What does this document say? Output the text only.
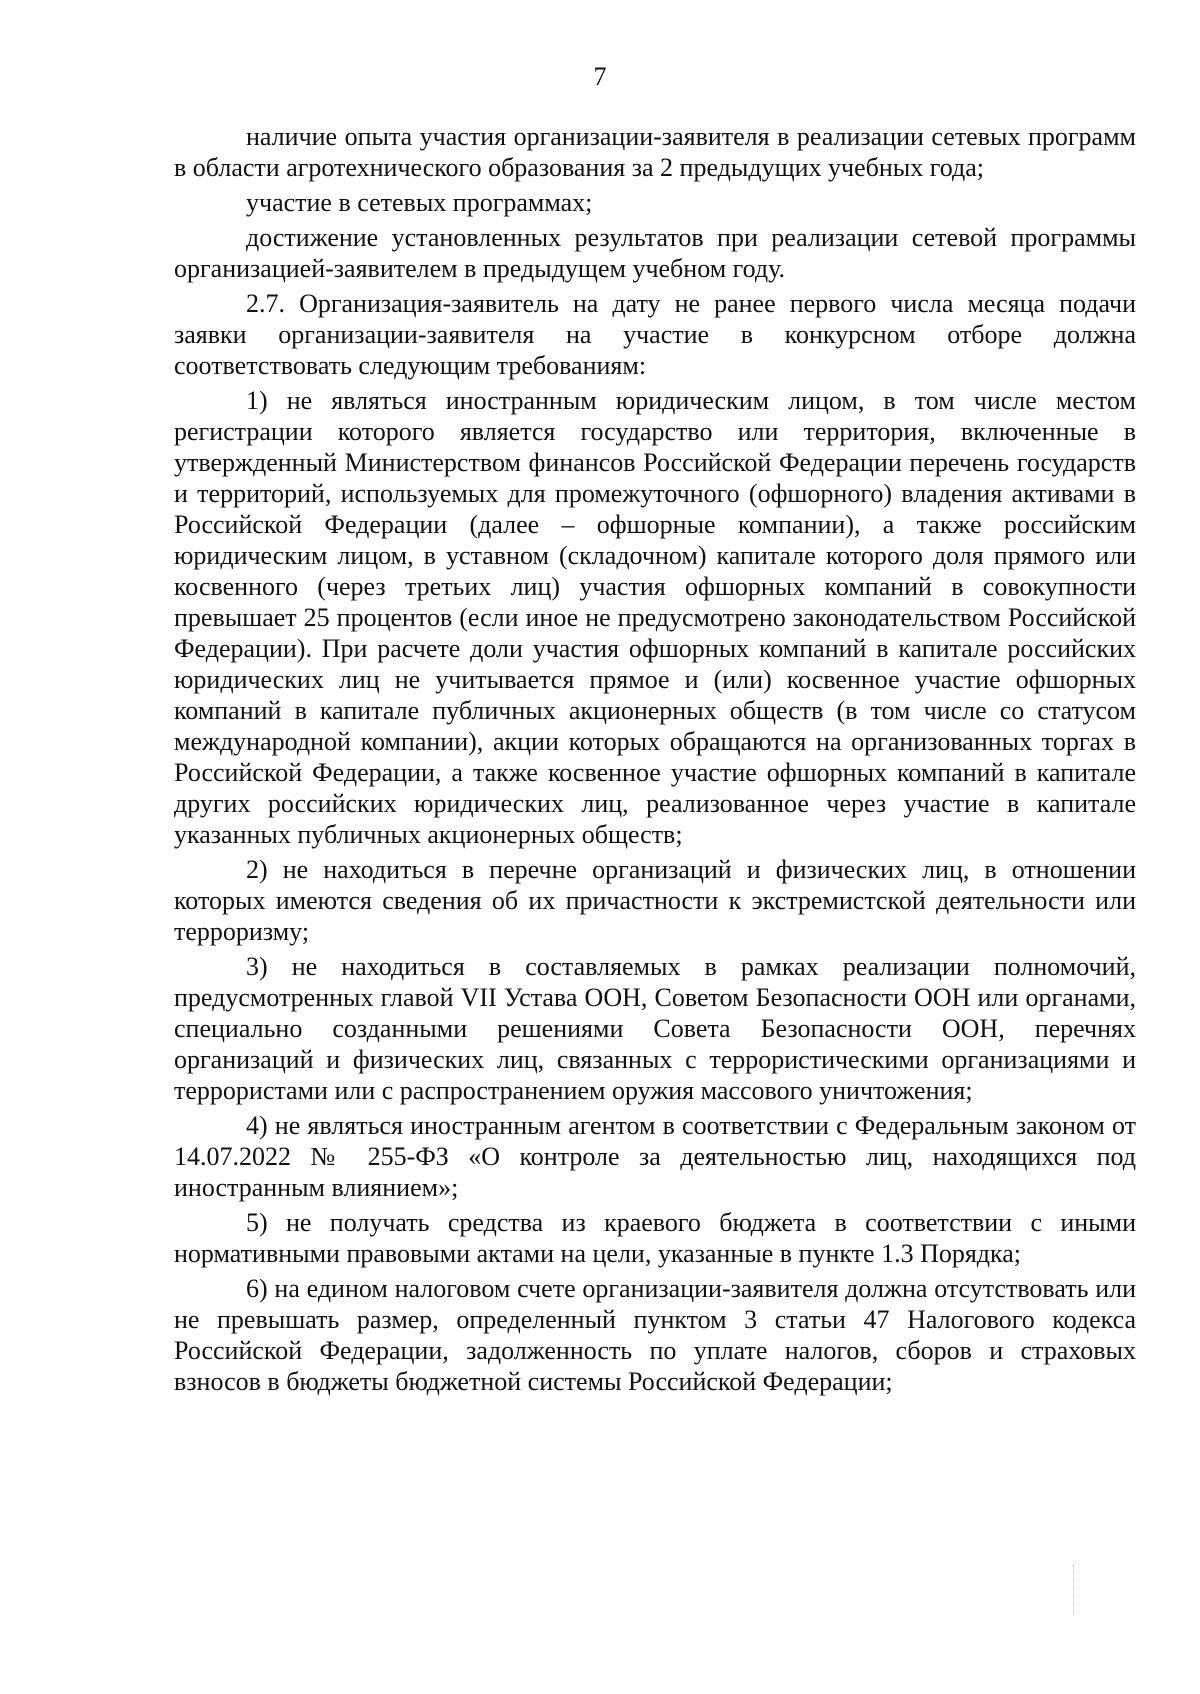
7

наличие опыта участия организации-заявителя в реализации сетевых программ в области агротехнического образования за 2 предыдущих учебных года;

участие в сетевых программах;

достижение установленных результатов при реализации сетевой программы организацией-заявителем в предыдущем учебном году.

2.7. Организация-заявитель на дату не ранее первого числа месяца подачи заявки организации-заявителя на участие в конкурсном отборе должна соответствовать следующим требованиям:

1) не являться иностранным юридическим лицом, в том числе местом регистрации которого является государство или территория, включенные в утвержденный Министерством финансов Российской Федерации перечень государств и территорий, используемых для промежуточного (офшорного) владения активами в Российской Федерации (далее – офшорные компании), а также российским юридическим лицом, в уставном (складочном) капитале которого доля прямого или косвенного (через третьих лиц) участия офшорных компаний в совокупности превышает 25 процентов (если иное не предусмотрено законодательством Российской Федерации). При расчете доли участия офшорных компаний в капитале российских юридических лиц не учитывается прямое и (или) косвенное участие офшорных компаний в капитале публичных акционерных обществ (в том числе со статусом международной компании), акции которых обращаются на организованных торгах в Российской Федерации, а также косвенное участие офшорных компаний в капитале других российских юридических лиц, реализованное через участие в капитале указанных публичных акционерных обществ;

2) не находиться в перечне организаций и физических лиц, в отношении которых имеются сведения об их причастности к экстремистской деятельности или терроризму;

3) не находиться в составляемых в рамках реализации полномочий, предусмотренных главой VII Устава ООН, Советом Безопасности ООН или органами, специально созданными решениями Совета Безопасности ООН, перечнях организаций и физических лиц, связанных с террористическими организациями и террористами или с распространением оружия массового уничтожения;

4) не являться иностранным агентом в соответствии с Федеральным законом от 14.07.2022 № 255-ФЗ «О контроле за деятельностью лиц, находящихся под иностранным влиянием»;

5) не получать средства из краевого бюджета в соответствии с иными нормативными правовыми актами на цели, указанные в пункте 1.3 Порядка;

6) на едином налоговом счете организации-заявителя должна отсутствовать или не превышать размер, определенный пунктом 3 статьи 47 Налогового кодекса Российской Федерации, задолженность по уплате налогов, сборов и страховых взносов в бюджеты бюджетной системы Российской Федерации;
